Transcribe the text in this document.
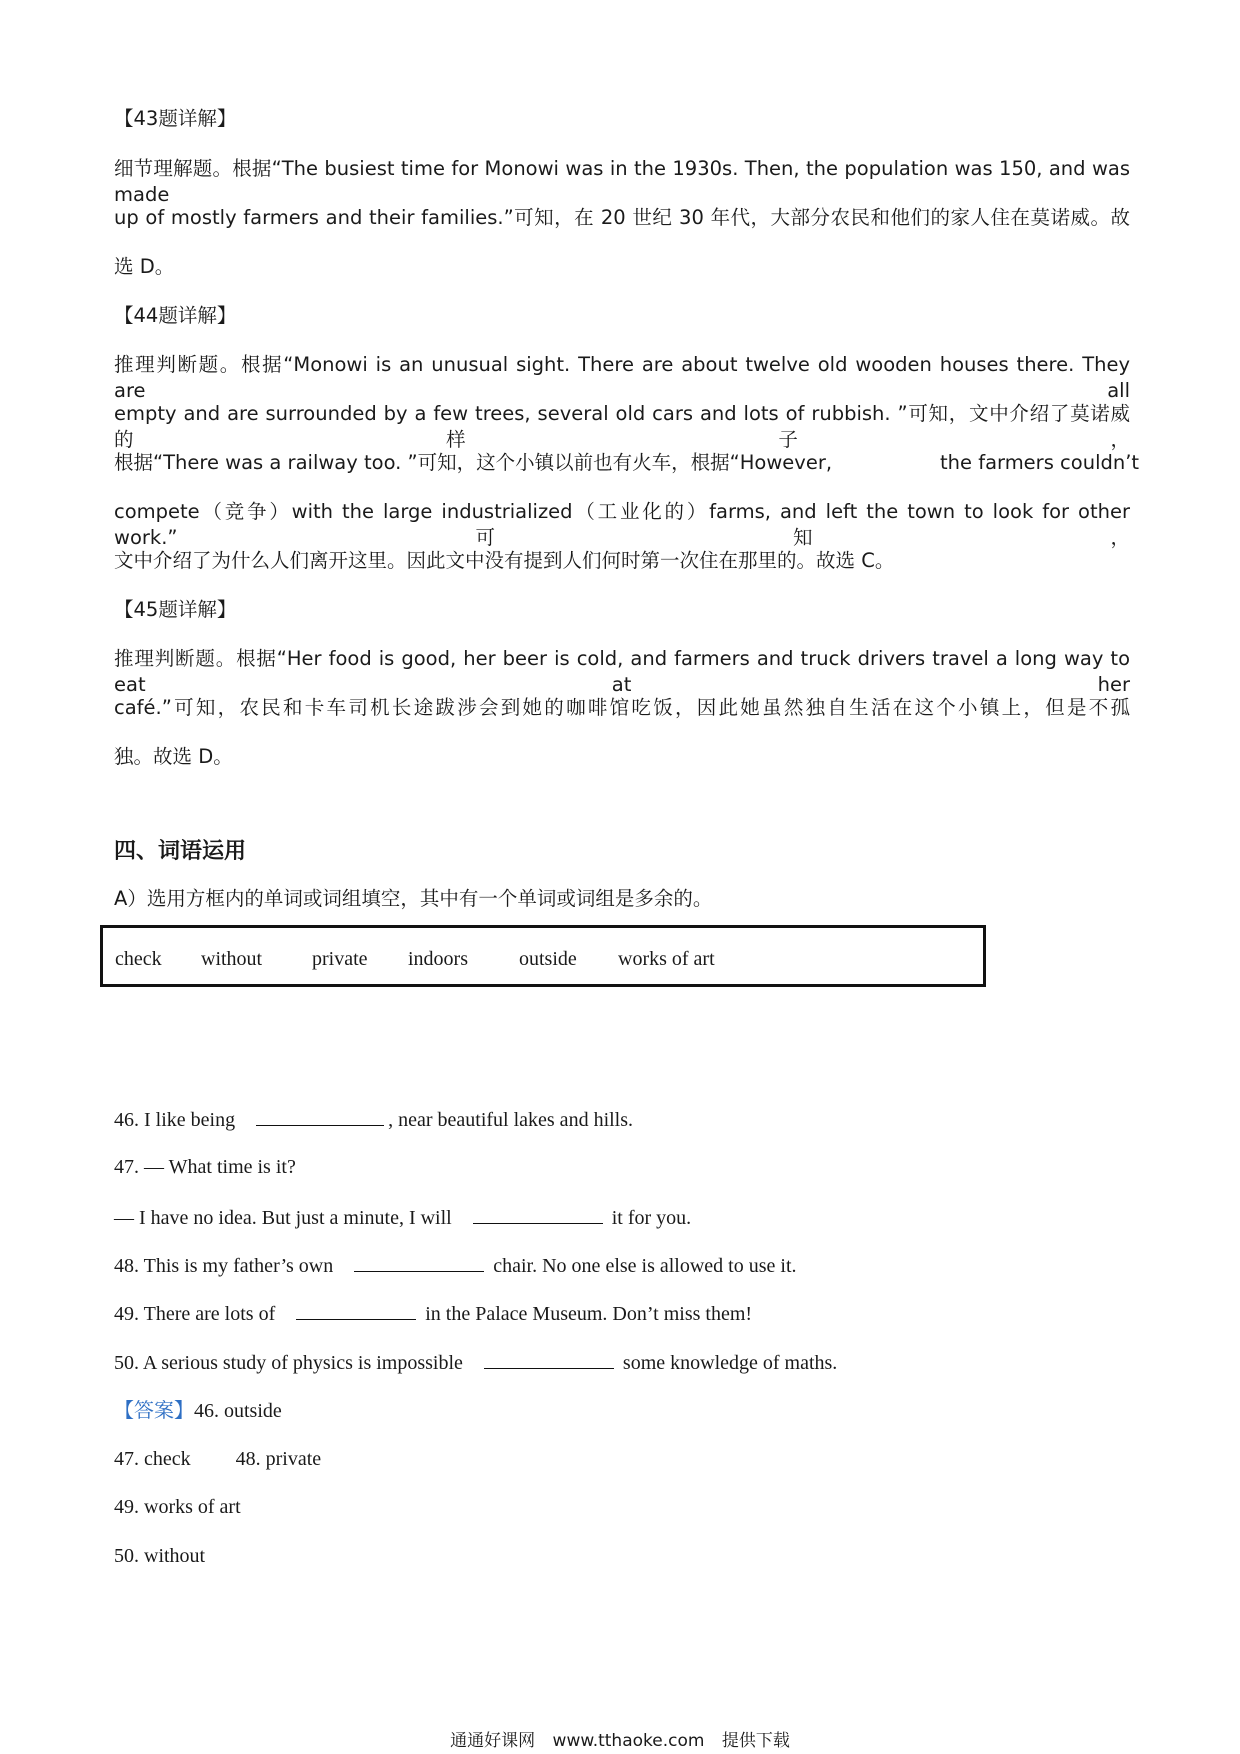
【43题详解】
细节理解题。根据“The busiest time for Monowi was in the 1930s. Then, the population was 150, and was made
up of mostly farmers and their families.”可知，在 20 世纪 30 年代，大部分农民和他们的家人住在莫诺威。故
选 D。
【44题详解】
推理判断题。根据“Monowi is an unusual sight. There are about twelve old wooden houses there. They are all
empty and are surrounded by a few trees, several old cars and lots of rubbish. ”可知，文中介绍了莫诺威的样子，
根据“There was a railway too. ”可知，这个小镇以前也有火车，根据“However,	the farmers couldn’t
compete（竞争）with the large industrialized（工业化的）farms, and left the town to look for other work.”可知，
文中介绍了为什么人们离开这里。因此文中没有提到人们何时第一次住在那里的。故选 C。
【45题详解】
推理判断题。根据“Her food is good, her beer is cold, and farmers and truck drivers travel a long way to eat at her
café.”可知，农民和卡车司机长途跋涉会到她的咖啡馆吃饭，因此她虽然独自生活在这个小镇上，但是不孤
独。故选 D。
四、词语运用
A）选用方框内的单词或词组填空，其中有一个单词或词组是多余的。
check without private indoors	outside works of art
46. I like being	, near beautiful lakes and hills.
47. — What time is it?
— I have no idea. But just a minute, I will	it for you.
48. This is my father’s own	chair. No one else is allowed to use it.
49. There are lots of	in the Palace Museum. Don’t miss them!
50. A serious study of physics is impossible	some knowledge of maths.
【答案】46. outside
47. check 48. private
49. works of art
50. without
通通好课网 www.tthaoke.com 提供下载
